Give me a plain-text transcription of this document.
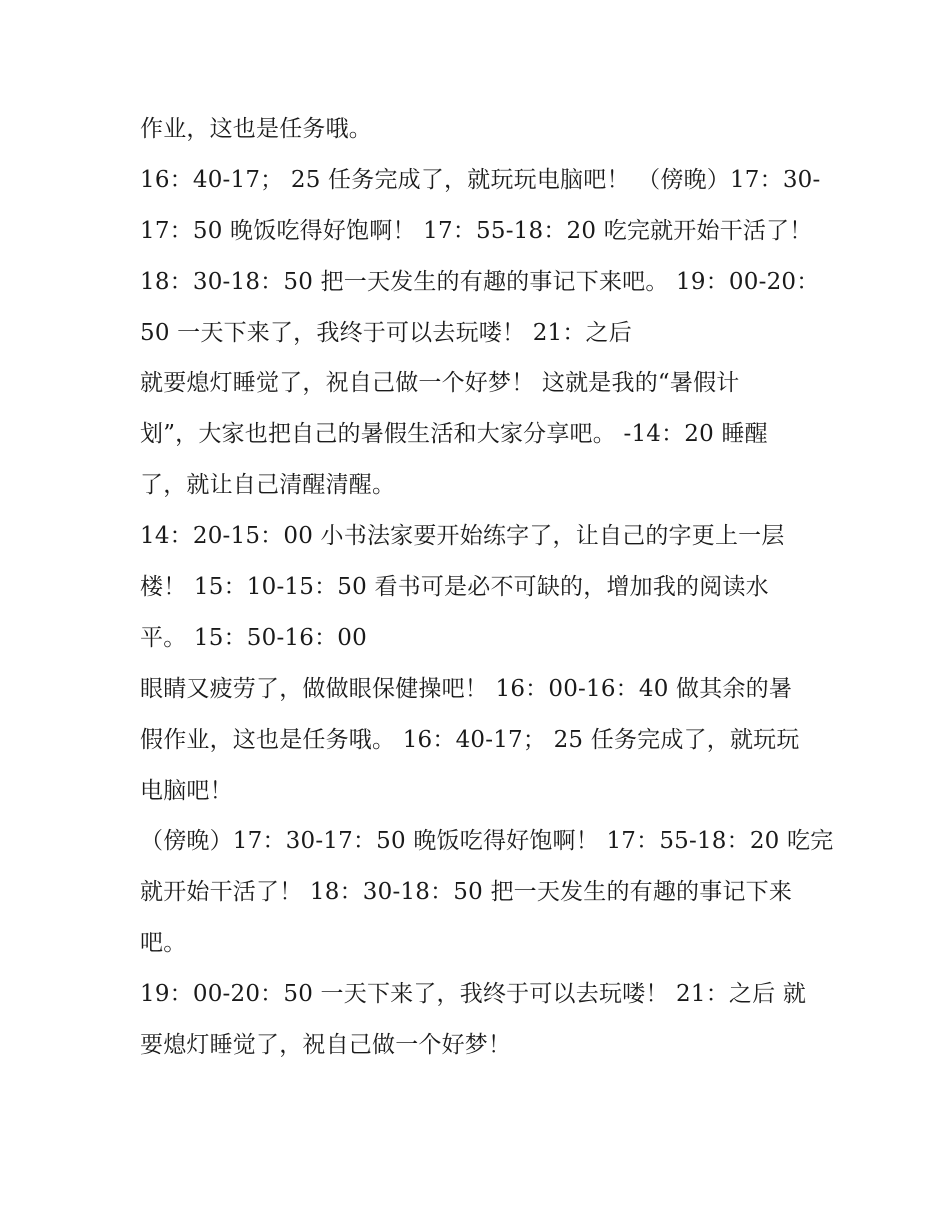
作业，这也是任务哦。
16：40-17； 25 任务完成了，就玩玩电脑吧！ （傍晚）17：30-
17：50 晚饭吃得好饱啊！ 17：55-18：20 吃完就开始干活了！
18：30-18：50 把一天发生的有趣的事记下来吧。 19：00-20：
50 一天下来了，我终于可以去玩喽！ 21：之后
就要熄灯睡觉了，祝自己做一个好梦！ 这就是我的“暑假计
划”，大家也把自己的暑假生活和大家分享吧。 -14：20 睡醒
了，就让自己清醒清醒。
14：20-15：00 小书法家要开始练字了，让自己的字更上一层
楼！ 15：10-15：50 看书可是必不可缺的，增加我的阅读水
平。 15：50-16：00
眼睛又疲劳了，做做眼保健操吧！ 16：00-16：40 做其余的暑
假作业，这也是任务哦。 16：40-17； 25 任务完成了，就玩玩
电脑吧！
（傍晚）17：30-17：50 晚饭吃得好饱啊！ 17：55-18：20 吃完
就开始干活了！ 18：30-18：50 把一天发生的有趣的事记下来
吧。
19：00-20：50 一天下来了，我终于可以去玩喽！ 21：之后 就
要熄灯睡觉了，祝自己做一个好梦！
